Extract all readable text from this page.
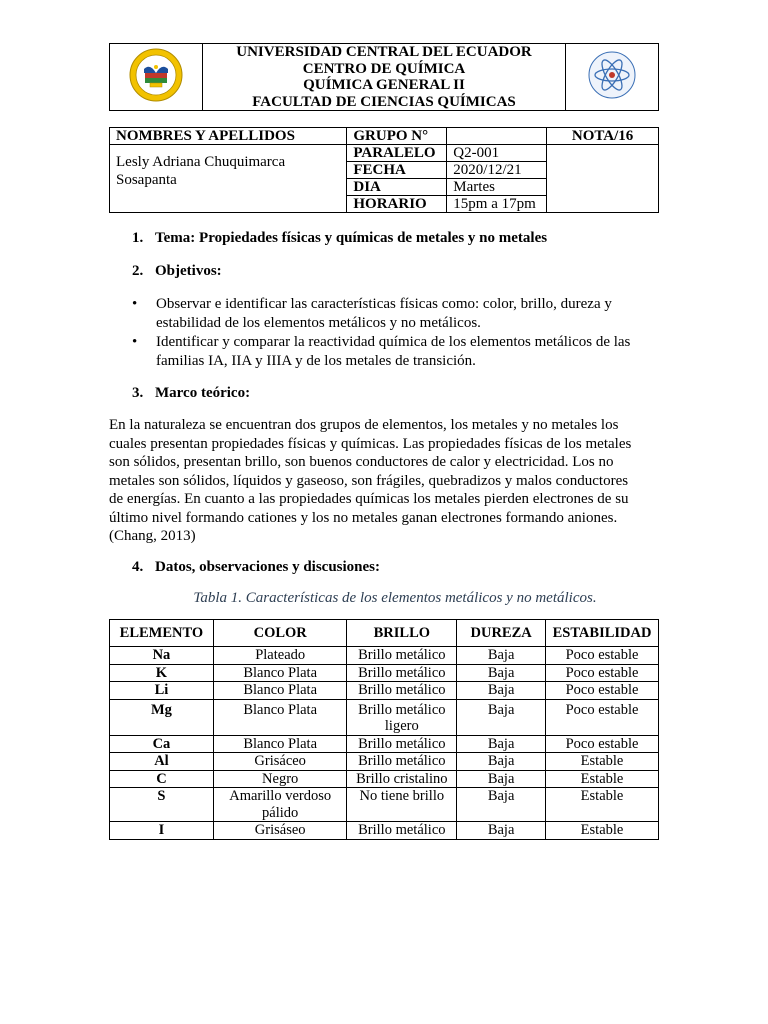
UNIVERSIDAD CENTRAL DEL ECUADOR
CENTRO DE QUÍMICA
QUÍMICA GENERAL II
FACULTAD DE CIENCIAS QUÍMICAS

NOMBRES Y APELLIDOS	GRUPO N°		NOTA/16

Lesly Adriana Chuquimarca
Sosapanta	PARALELO	Q2-001	
	FECHA	2020/12/21	
	DIA	Martes	
	HORARIO	15pm a 17pm	
1. Tema: Propiedades físicas y químicas de metales y no metales
2. Objetivos:
• Observar e identificar las características físicas como: color, brillo, dureza y
estabilidad de los elementos metálicos y no metálicos.
• Identificar y comparar la reactividad química de los elementos metálicos de las
familias IA, IIA y IIIA y de los metales de transición.
3. Marco teórico:
En la naturaleza se encuentran dos grupos de elementos, los metales y no metales los
cuales presentan propiedades físicas y químicas. Las propiedades físicas de los metales
son sólidos, presentan brillo, son buenos conductores de calor y electricidad. Los no
metales son sólidos, líquidos y gaseoso, son frágiles, quebradizos y malos conductores
de energías. En cuanto a las propiedades químicas los metales pierden electrones de su
último nivel formando cationes y los no metales ganan electrones formando aniones.
(Chang, 2013)
4. Datos, observaciones y discusiones:
Tabla 1. Características de los elementos metálicos y no metálicos.
ELEMENTO	COLOR	BRILLO	DUREZA	ESTABILIDAD
Na	Plateado	Brillo metálico	Baja	Poco estable
K	Blanco Plata	Brillo metálico	Baja	Poco estable
Li	Blanco Plata	Brillo metálico	Baja	Poco estable
Mg	Blanco Plata	Brillo metálico ligero	Baja	Poco estable
Ca	Blanco Plata	Brillo metálico	Baja	Poco estable
Al	Grisáceo	Brillo metálico	Baja	Estable
C	Negro	Brillo cristalino	Baja	Estable
S	Amarillo verdoso pálido	No tiene brillo	Baja	Estable
I	Grisáseo	Brillo metálico	Baja	Estable
